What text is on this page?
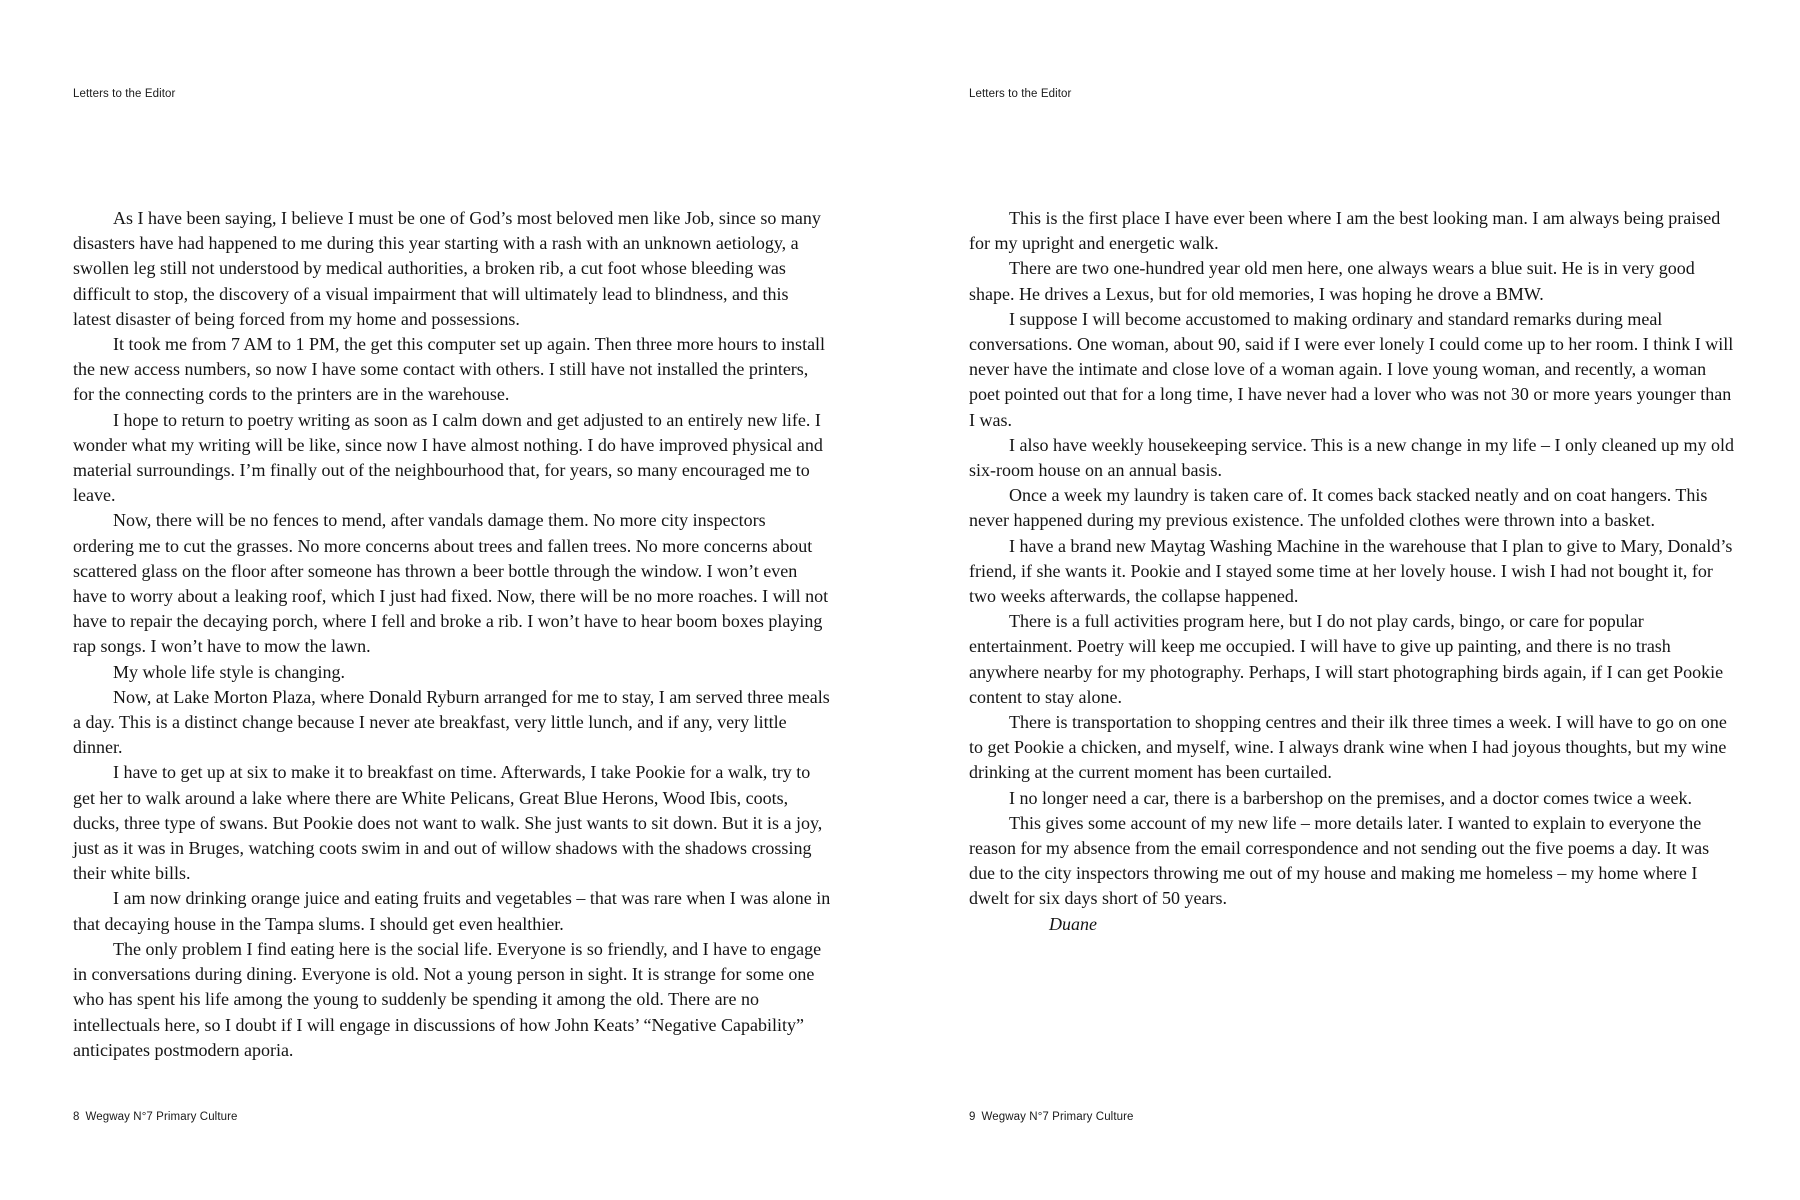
Letters to the Editor

As I have been saying, I believe I must be one of God’s most beloved men like Job, since so many disasters have had happened to me during this year starting with a rash with an unknown aetiology, a swollen leg still not understood by medical authorities, a broken rib, a cut foot whose bleeding was difficult to stop, the discovery of a visual impairment that will ultimately lead to blindness, and this latest disaster of being forced from my home and possessions.

It took me from 7 AM to 1 PM, the get this computer set up again. Then three more hours to install the new access numbers, so now I have some contact with others. I still have not installed the printers, for the connecting cords to the printers are in the warehouse.

I hope to return to poetry writing as soon as I calm down and get adjusted to an entirely new life. I wonder what my writing will be like, since now I have almost nothing. I do have improved physical and material surroundings. I’m finally out of the neighbourhood that, for years, so many encouraged me to leave.

Now, there will be no fences to mend, after vandals damage them. No more city inspectors ordering me to cut the grasses. No more concerns about trees and fallen trees. No more concerns about scattered glass on the floor after someone has thrown a beer bottle through the window. I won’t even have to worry about a leaking roof, which I just had fixed. Now, there will be no more roaches. I will not have to repair the decaying porch, where I fell and broke a rib. I won’t have to hear boom boxes playing rap songs. I won’t have to mow the lawn.

My whole life style is changing.

Now, at Lake Morton Plaza, where Donald Ryburn arranged for me to stay, I am served three meals a day. This is a distinct change because I never ate breakfast, very little lunch, and if any, very little dinner.

I have to get up at six to make it to breakfast on time. Afterwards, I take Pookie for a walk, try to get her to walk around a lake where there are White Pelicans, Great Blue Herons, Wood Ibis, coots, ducks, three type of swans. But Pookie does not want to walk. She just wants to sit down. But it is a joy, just as it was in Bruges, watching coots swim in and out of willow shadows with the shadows crossing their white bills.

I am now drinking orange juice and eating fruits and vegetables – that was rare when I was alone in that decaying house in the Tampa slums. I should get even healthier.

The only problem I find eating here is the social life. Everyone is so friendly, and I have to engage in conversations during dining. Everyone is old. Not a young person in sight. It is strange for some one who has spent his life among the young to suddenly be spending it among the old. There are no intellectuals here, so I doubt if I will engage in discussions of how John Keats’ “Negative Capability” anticipates postmodern aporia.

8 Wegway N°7 Primary Culture
Letters to the Editor

This is the first place I have ever been where I am the best looking man. I am always being praised for my upright and energetic walk.

There are two one-hundred year old men here, one always wears a blue suit. He is in very good shape. He drives a Lexus, but for old memories, I was hoping he drove a BMW.

I suppose I will become accustomed to making ordinary and standard remarks during meal conversations. One woman, about 90, said if I were ever lonely I could come up to her room. I think I will never have the intimate and close love of a woman again. I love young woman, and recently, a woman poet pointed out that for a long time, I have never had a lover who was not 30 or more years younger than I was.

I also have weekly housekeeping service. This is a new change in my life – I only cleaned up my old six-room house on an annual basis.

Once a week my laundry is taken care of. It comes back stacked neatly and on coat hangers. This never happened during my previous existence. The unfolded clothes were thrown into a basket.

I have a brand new Maytag Washing Machine in the warehouse that I plan to give to Mary, Donald’s friend, if she wants it. Pookie and I stayed some time at her lovely house. I wish I had not bought it, for two weeks afterwards, the collapse happened.

There is a full activities program here, but I do not play cards, bingo, or care for popular entertainment. Poetry will keep me occupied. I will have to give up painting, and there is no trash anywhere nearby for my photography. Perhaps, I will start photographing birds again, if I can get Pookie content to stay alone.

There is transportation to shopping centres and their ilk three times a week. I will have to go on one to get Pookie a chicken, and myself, wine. I always drank wine when I had joyous thoughts, but my wine drinking at the current moment has been curtailed.

I no longer need a car, there is a barbershop on the premises, and a doctor comes twice a week.

This gives some account of my new life – more details later. I wanted to explain to everyone the reason for my absence from the email correspondence and not sending out the five poems a day. It was due to the city inspectors throwing me out of my house and making me homeless – my home where I dwelt for six days short of 50 years.

Duane

9 Wegway N°7 Primary Culture
